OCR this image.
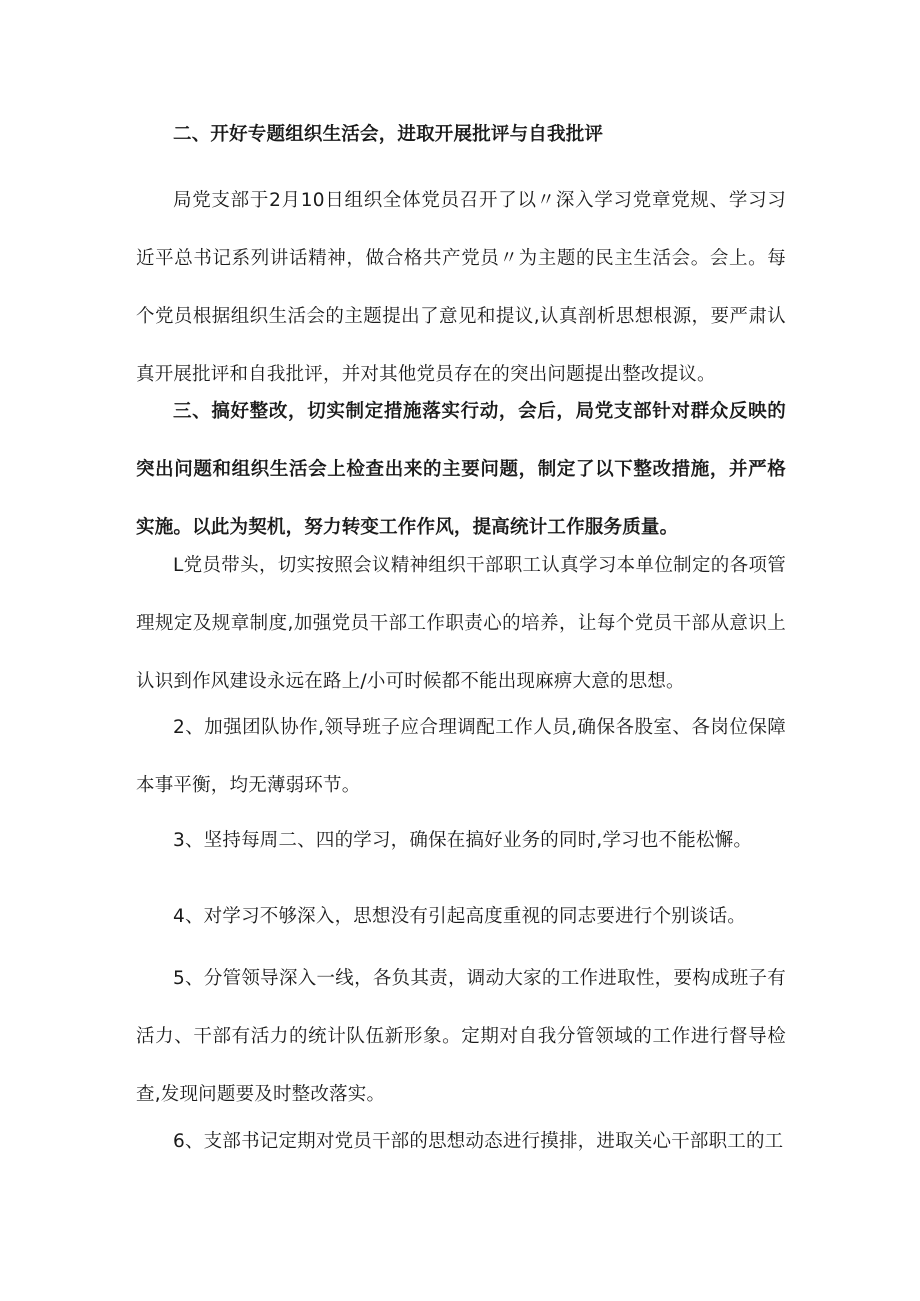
二、开好专题组织生活会，进取开展批评与自我批评

局党支部于2月10日组织全体党员召开了以〃深入学习党章党规、学习习近平总书记系列讲话精神，做合格共产党员〃为主题的民主生活会。会上。每个党员根据组织生活会的主题提出了意见和提议,认真剖析思想根源，要严肃认真开展批评和自我批评，并对其他党员存在的突出问题提出整改提议。

三、搞好整改，切实制定措施落实行动，会后，局党支部针对群众反映的突出问题和组织生活会上检查出来的主要问题，制定了以下整改措施，并严格实施。以此为契机，努力转变工作作风，提高统计工作服务质量。

L党员带头，切实按照会议精神组织干部职工认真学习本单位制定的各项管理规定及规章制度,加强党员干部工作职责心的培养，让每个党员干部从意识上认识到作风建设永远在路上/小可时候都不能出现麻痹大意的思想。

2、加强团队协作,领导班子应合理调配工作人员,确保各股室、各岗位保障本事平衡，均无薄弱环节。

3、坚持每周二、四的学习，确保在搞好业务的同时,学习也不能松懈。

4、对学习不够深入，思想没有引起高度重视的同志要进行个别谈话。

5、分管领导深入一线，各负其责，调动大家的工作进取性，要构成班子有活力、干部有活力的统计队伍新形象。定期对自我分管领域的工作进行督导检查,发现问题要及时整改落实。

6、支部书记定期对党员干部的思想动态进行摸排，进取关心干部职工的工
